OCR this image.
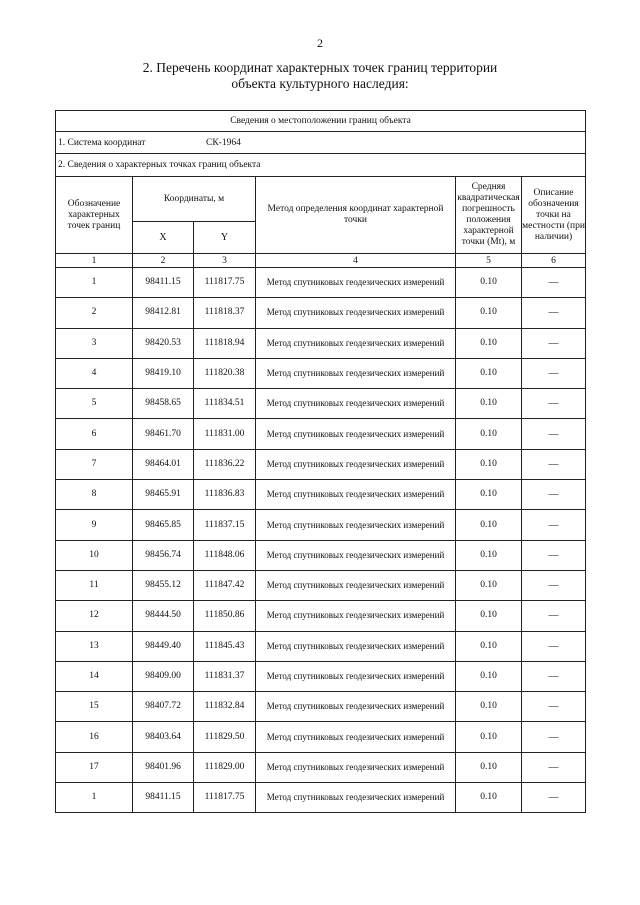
2
2. Перечень координат характерных точек границ территории
объекта культурного наследия:
Сведения о местоположении границ объекта					
1. Система координат СК-1964					
2. Сведения о характерных точках границ объекта					
Обозначение характерных точек границ	Координаты, м		Метод определения координат характерной точки	Средняя квадратическая погрешность положения характерной точки (Mt), м	Описание обозначения точки на местности (при наличии)
	X	Y			
1	2	3	4	5	6
1	98411.15	111817.75	Метод спутниковых геодезических измерений	0.10	—
2	98412.81	111818.37	Метод спутниковых геодезических измерений	0.10	—
3	98420.53	111818.94	Метод спутниковых геодезических измерений	0.10	—
4	98419.10	111820.38	Метод спутниковых геодезических измерений	0.10	—
5	98458.65	111834.51	Метод спутниковых геодезических измерений	0.10	—
6	98461.70	111831.00	Метод спутниковых геодезических измерений	0.10	—
7	98464.01	111836.22	Метод спутниковых геодезических измерений	0.10	—
8	98465.91	111836.83	Метод спутниковых геодезических измерений	0.10	—
9	98465.85	111837.15	Метод спутниковых геодезических измерений	0.10	—
10	98456.74	111848.06	Метод спутниковых геодезических измерений	0.10	—
11	98455.12	111847.42	Метод спутниковых геодезических измерений	0.10	—
12	98444.50	111850.86	Метод спутниковых геодезических измерений	0.10	—
13	98449.40	111845.43	Метод спутниковых геодезических измерений	0.10	—
14	98409.00	111831.37	Метод спутниковых геодезических измерений	0.10	—
15	98407.72	111832.84	Метод спутниковых геодезических измерений	0.10	—
16	98403.64	111829.50	Метод спутниковых геодезических измерений	0.10	—
17	98401.96	111829.00	Метод спутниковых геодезических измерений	0.10	—
1	98411.15	111817.75	Метод спутниковых геодезических измерений	0.10	—
